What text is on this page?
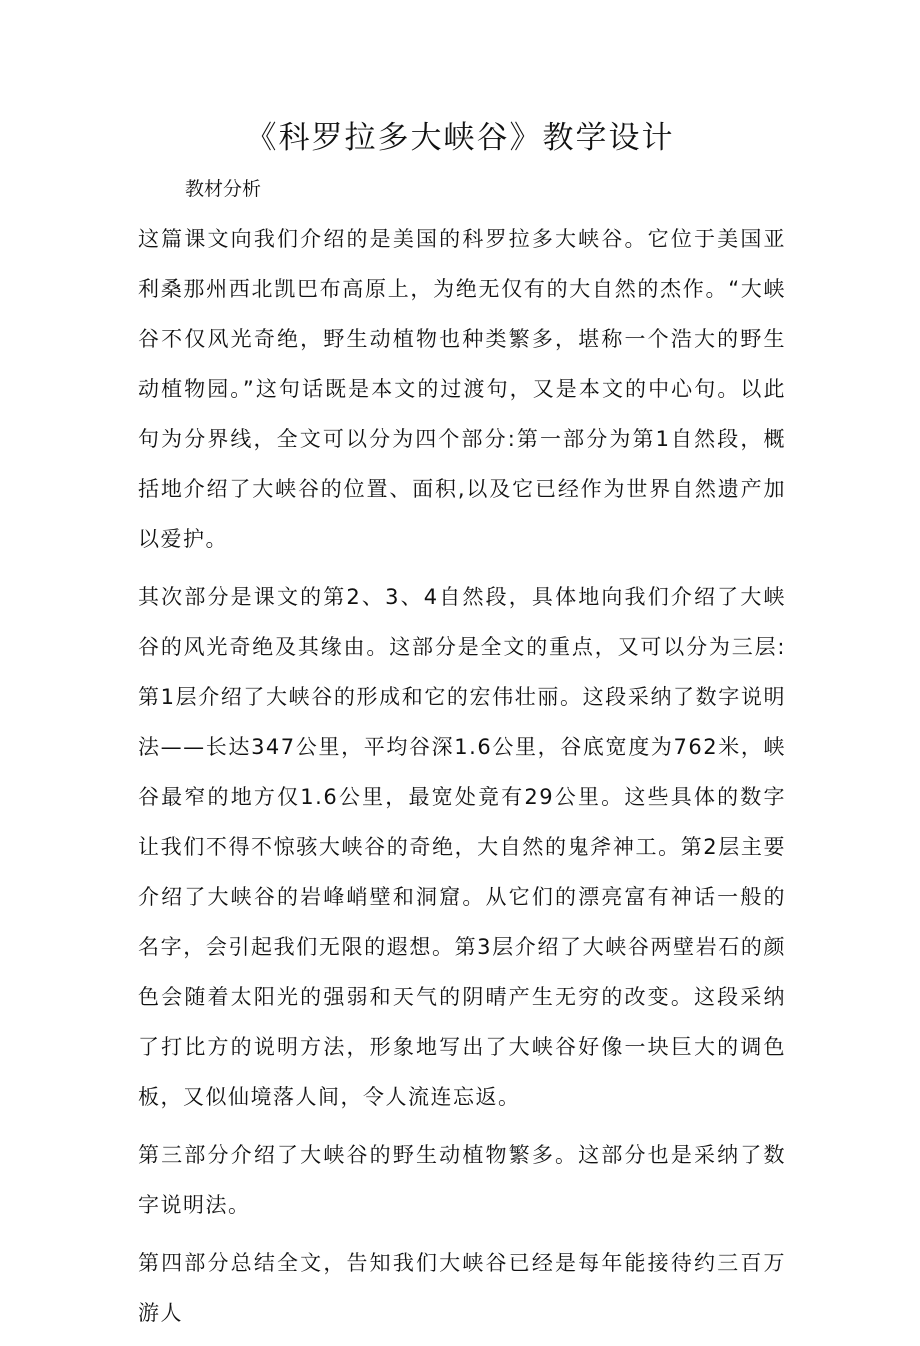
《科罗拉多大峡谷》教学设计
教材分析

这篇课文向我们介绍的是美国的科罗拉多大峡谷。它位于美国亚利桑那州西北凯巴布高原上，为绝无仅有的大自然的杰作。“大峡谷不仅风光奇绝，野生动植物也种类繁多，堪称一个浩大的野生动植物园。”这句话既是本文的过渡句，又是本文的中心句。以此句为分界线，全文可以分为四个部分:第一部分为第1自然段，概括地介绍了大峡谷的位置、面积,以及它已经作为世界自然遗产加以爱护。

其次部分是课文的第2、3、4自然段，具体地向我们介绍了大峡谷的风光奇绝及其缘由。这部分是全文的重点，又可以分为三层:第1层介绍了大峡谷的形成和它的宏伟壮丽。这段采纳了数字说明法——长达347公里，平均谷深1.6公里，谷底宽度为762米，峡谷最窄的地方仅1.6公里，最宽处竟有29公里。这些具体的数字让我们不得不惊骇大峡谷的奇绝，大自然的鬼斧神工。第2层主要介绍了大峡谷的岩峰峭壁和洞窟。从它们的漂亮富有神话一般的名字，会引起我们无限的遐想。第3层介绍了大峡谷两壁岩石的颜色会随着太阳光的强弱和天气的阴晴产生无穷的改变。这段采纳了打比方的说明方法，形象地写出了大峡谷好像一块巨大的调色板，又似仙境落人间，令人流连忘返。

第三部分介绍了大峡谷的野生动植物繁多。这部分也是采纳了数字说明法。

第四部分总结全文，告知我们大峡谷已经是每年能接待约三百万游人
